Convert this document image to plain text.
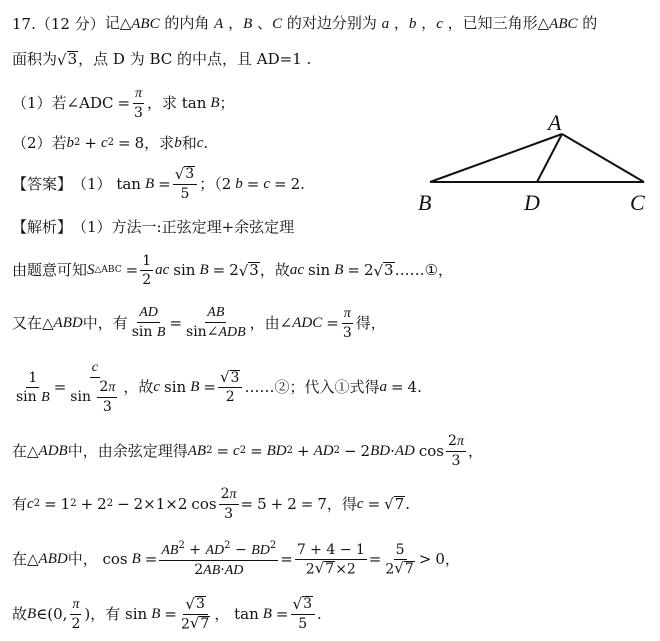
17. （12 分） 记△ABC 的内角 A ，B 、C 的对边分别为 a ，b ，c ，已知三角形△ABC 的
面积为 √ 3 ，点 D 为 BC 的中点，且 AD=1 .
（1）若∠ADC = $\frac{\pi}{3}$ ，求 tan B ；
（2）若 b 2 + c 2 = 8 ，求 b 和 c .
【答案】 （1） $\tan B = \frac{√ 3}{5}$ ；（2 b = c = 2 .
【解析】 （1）方法一:正弦定理+余弦定理
由题意可知 S △ABC = $\frac{1}{2}$ ac sin B = 2 √ 3 ，故 ac sin B = 2 √ 3 ……①，
又在△ ABD 中，有 $\frac{AD}{\text{sin B}} = \frac{AB}{\text{sin∠ADB}}$ ，由∠ ADC = $\frac{\pi}{3}$ 得，
$\frac{1}{\text{sin B}} = \frac{c}{\sin \frac{2\pi}{3}}$ ，故 c $\sin B = \frac{√ 3}{2}$ ……②；代入①式得 a = 4 .
在△ ADB 中，由余弦定理得 AB 2 = c 2 = BD 2 + AD 2 − 2 BD · AD $\cos \frac{2\pi}{3}$ ，
有 c 2 = 1 2 + 2 2 − 2×1×2 $\cos \frac{2\pi}{3} = 5 + 2 = 7$ ，得 c = √ 7 .
在△ ABD 中， $\cos B = \frac{AB^2 + AD^2 - BD^2}{2AB\cdot AD} = \frac{7 + 4 - 1}{2 √ 7 \times 2} = \frac{5}{2 √ 7} > 0$ ，
故 B ∈(0, $\frac{\pi}{2}$ ) ，有 $\sin B = \frac{√ 3}{2 √ 7}$ ， $\tan B = \frac{√ 3}{5}$ .
A
B	D	C
